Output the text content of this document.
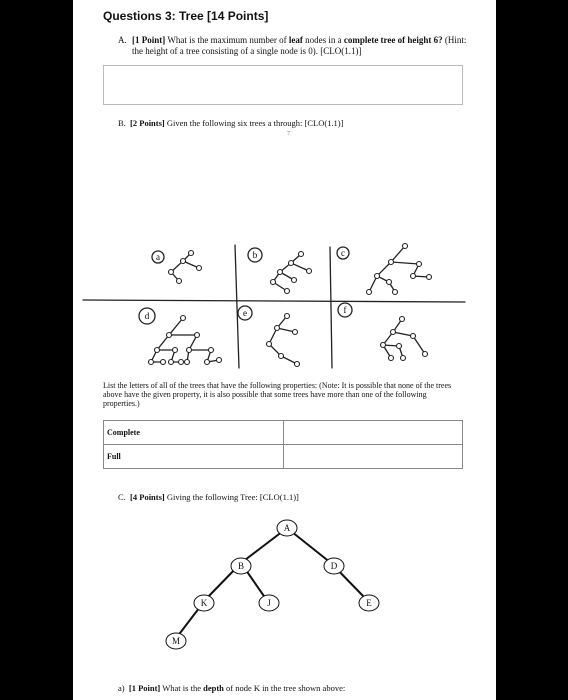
Questions 3: Tree [14 Points]
A. [1 Point] What is the maximum number of leaf nodes in a complete tree of height 6? (Hint: the height of a tree consisting of a single node is 0). [CLO(1.1)]
B. [2 Points] Given the following six trees a through: [CLO(1.1)]
7
a	b	c
d	e	f
List the letters of all of the trees that have the following properties: (Note: It is possible that none of the trees above have the given property, it is also possible that some trees have more than one of the following properties.)
Complete	
Full	
C. [4 Points] Giving the following Tree: [CLO(1.1)]
A
B	D
K	J	E
M
a) [1 Point] What is the depth of node K in the tree shown above:
